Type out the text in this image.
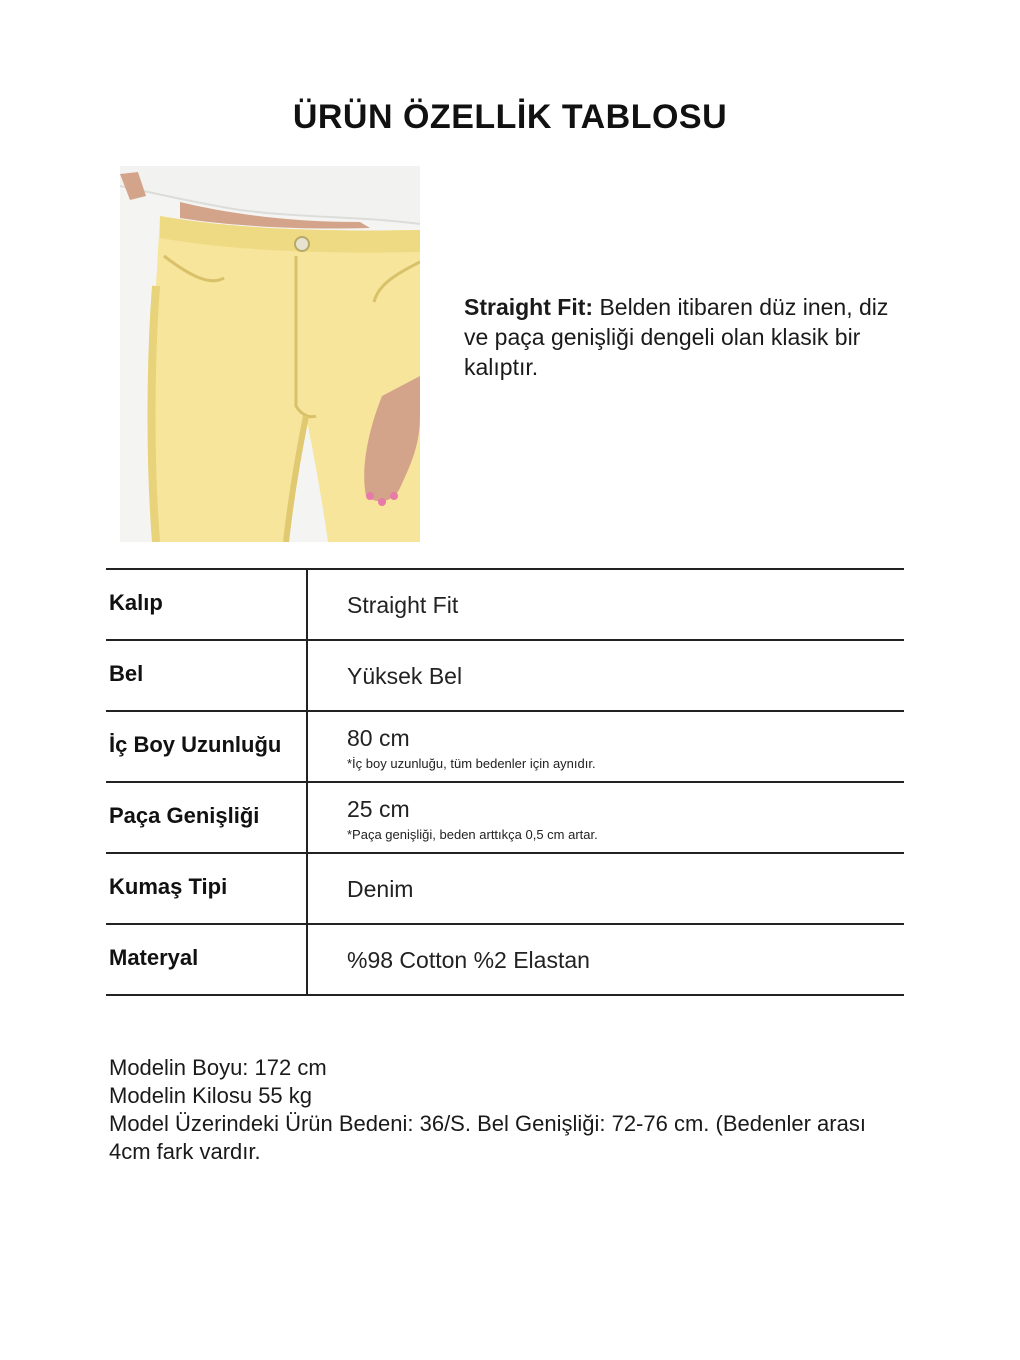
ÜRÜN ÖZELLİK TABLOSU
Straight Fit: Belden itibaren düz inen, diz ve paça genişliği dengeli olan klasik bir kalıptır.
Kalıp	Straight Fit
Bel	Yüksek Bel
İç Boy Uzunluğu	80 cm
*İç boy uzunluğu, tüm bedenler için aynıdır.
Paça Genişliği	25 cm
*Paça genişliği, beden arttıkça 0,5 cm artar.
Kumaş Tipi	Denim
Materyal	%98 Cotton %2 Elastan
Modelin Boyu: 172 cm
Modelin Kilosu 55 kg
Model Üzerindeki Ürün Bedeni: 36/S. Bel Genişliği: 72-76 cm. (Bedenler arası 4cm fark vardır.
